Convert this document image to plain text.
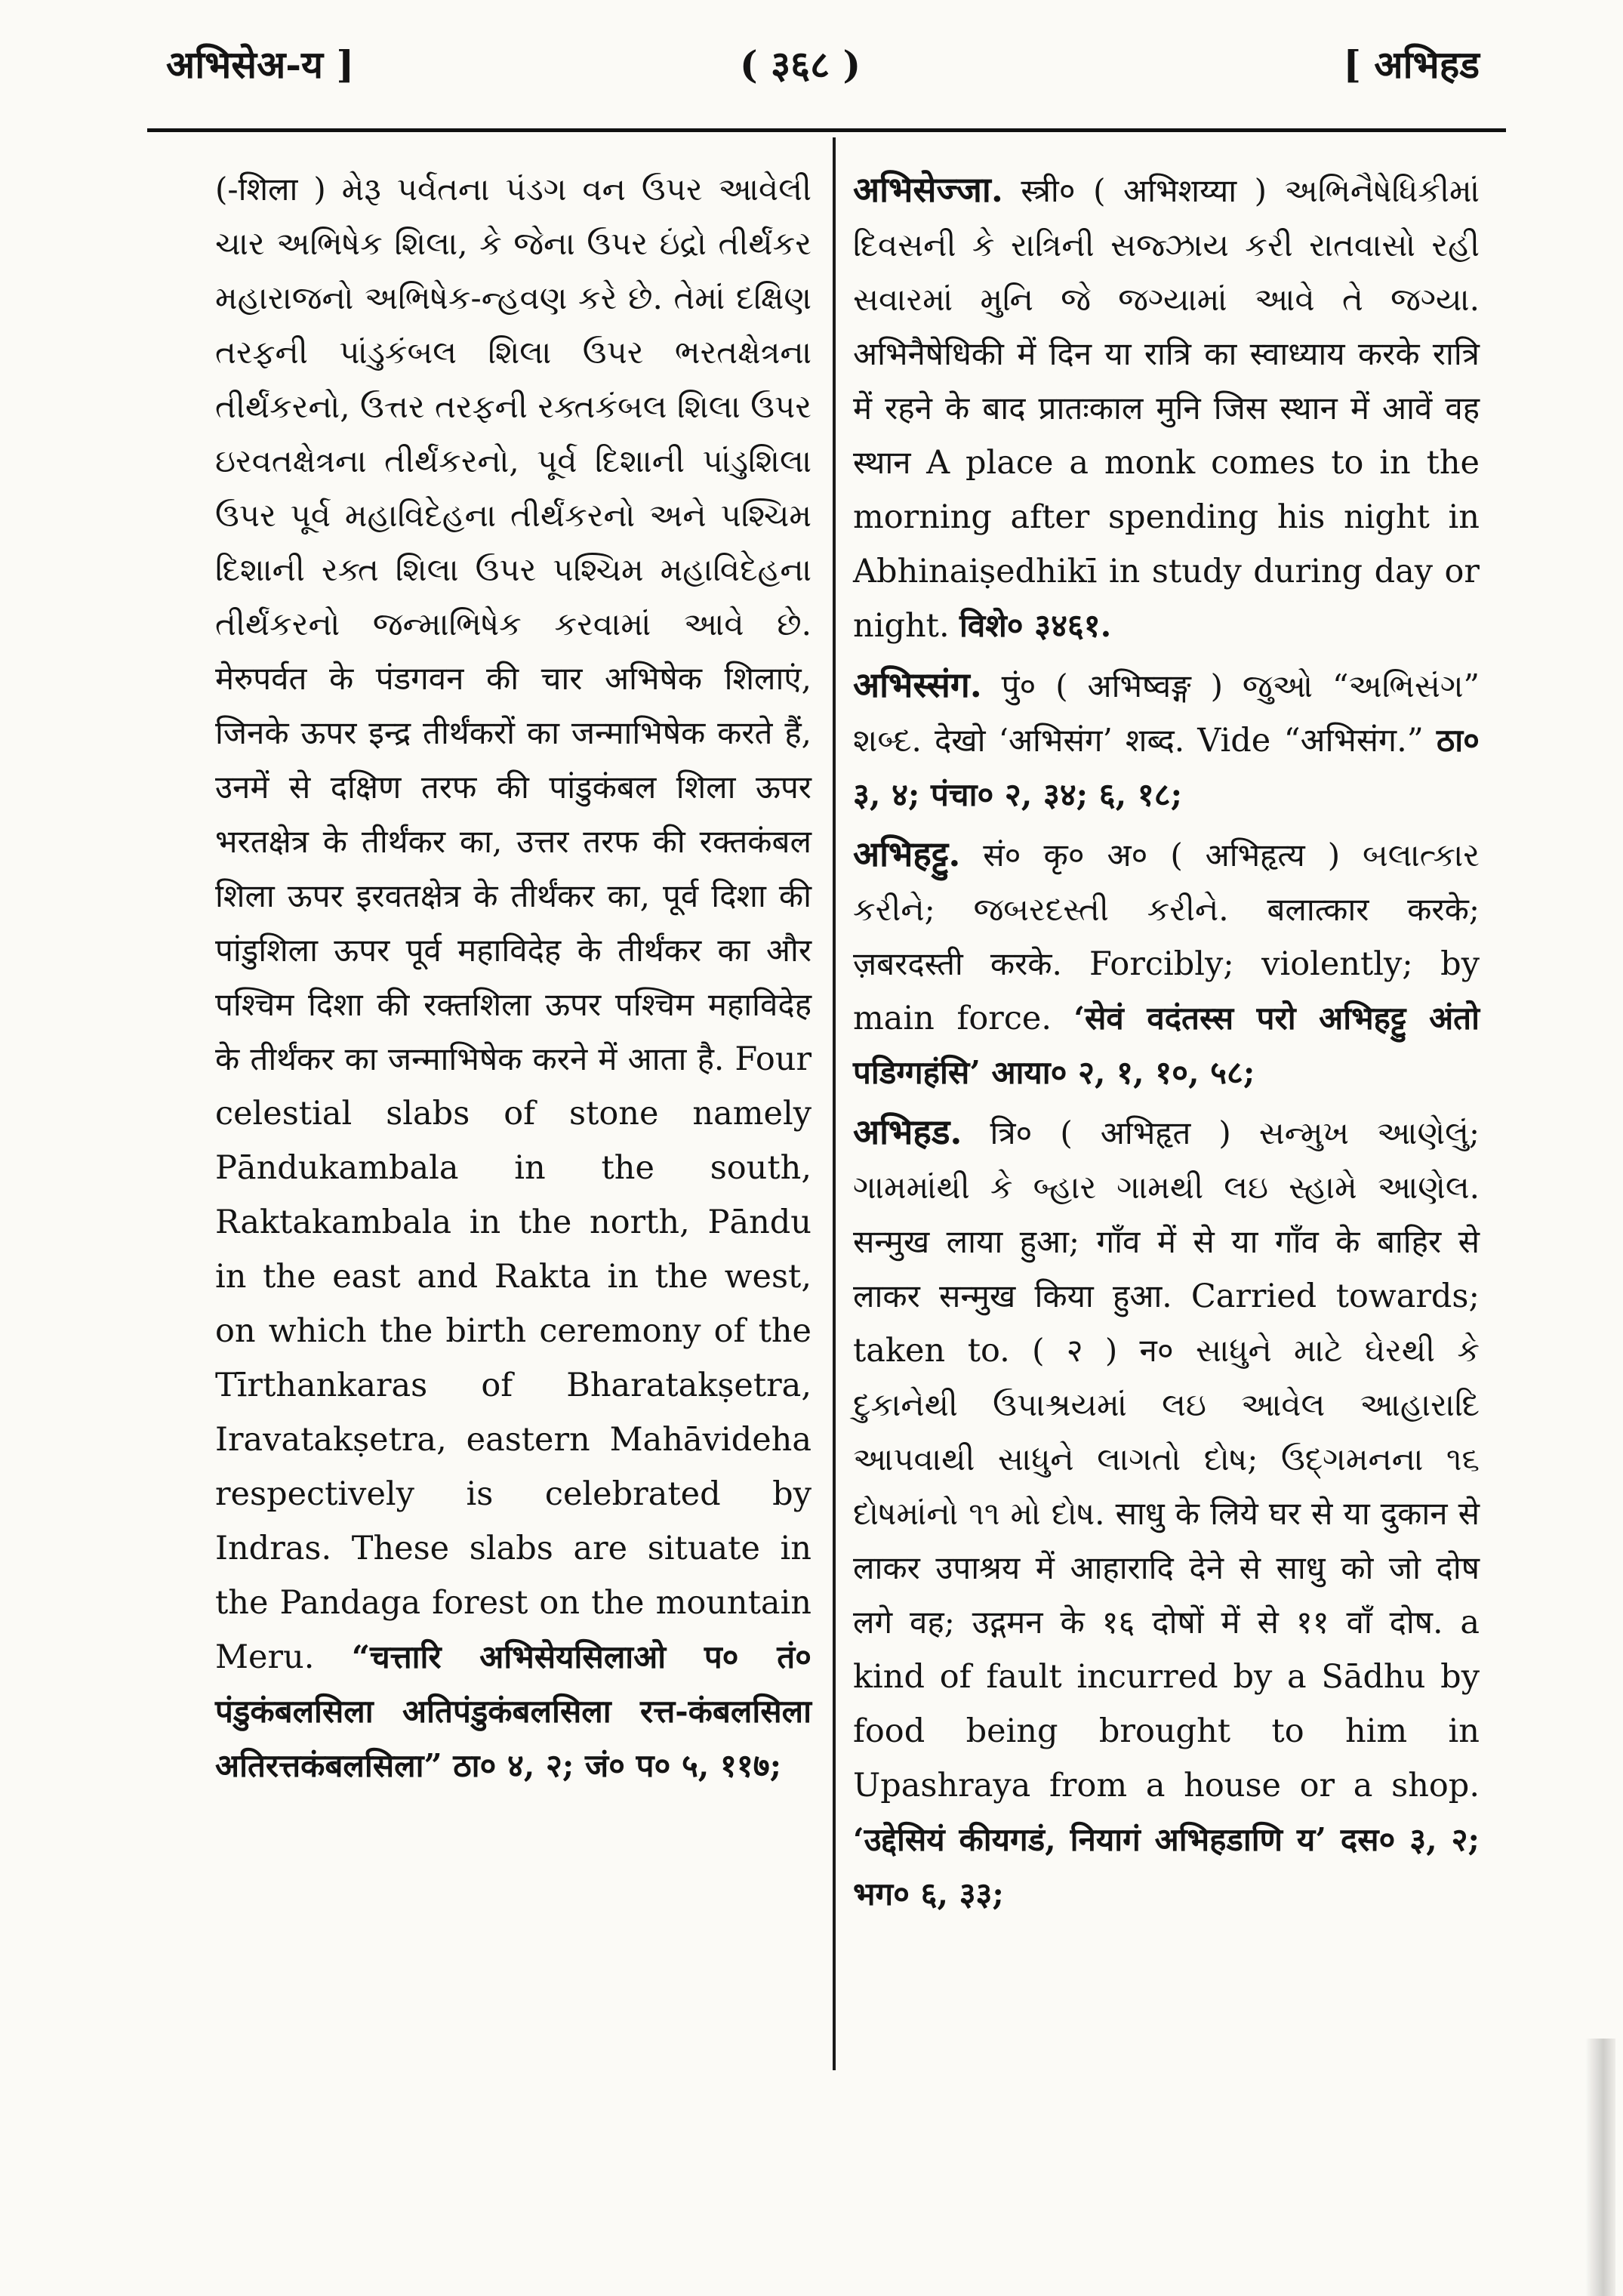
अभिसेअ-य ]	( ३६८ )	[ अभिहड

(-शिला ) મેરૂ પર્વતના પંડગ વન ઉપર આવેલી ચાર અભિષેક શિલા, કે જેના ઉપર ઇંદ્રો તીર્થંકર મહારાજનો અભિષેક-ન્હવણ કરે છે. તેમાં દક્ષિણ તરફની પાંડુકંબલ શિલા ઉપર ભરતક્ષેત્રના તીર્થંકરનો, ઉત્તર તરફની રક્તકંબલ શિલા ઉપર ઇરવતક્ષેત્રના તીર્થંકરનો, પૂર્વ દિશાની પાંડુશિલા ઉપર પૂર્વ મહાવિદેહના તીર્થંકરનો અને પશ્ચિમ દિશાની રક્ત શિલા ઉપર પશ્ચિમ મહાવિદેહના તીર્થંકરનો જન્માભિષેક કરવામાં આવે છે. मेरुपर्वत के पंडगवन की चार अभिषेक शिलाएं, जिनके ऊपर इन्द्र तीर्थंकरों का जन्माभिषेक करते हैं, उनमें से दक्षिण तरफ की पांडुकंबल शिला ऊपर भरतक्षेत्र के तीर्थंकर का, उत्तर तरफ की रक्तकंबल शिला ऊपर इरवतक्षेत्र के तीर्थंकर का, पूर्व दिशा की पांडुशिला ऊपर पूर्व महाविदेह के तीर्थंकर का और पश्चिम दिशा की रक्तशिला ऊपर पश्चिम महाविदेह के तीर्थंकर का जन्माभिषेक करने में आता है. Four celestial slabs of stone namely Pāndukambala in the south, Raktakambala in the north, Pāndu in the east and Rakta in the west, on which the birth ceremony of the Tīrthankaras of Bharatakṣetra, Iravatakṣetra, eastern Mahāvideha respectively is celebrated by Indras. These slabs are situate in the Pandaga forest on the mountain Meru. “चत्तारि अभिसेयसिलाओ प० तं० पंडुकंबलसिला अतिपंडुकंबलसिला रत्त-कंबलसिला अतिरत्तकंबलसिला” ठा० ४, २; जं० प० ५, ११७;

अभिसेज्जा. स्त्री० ( अभिशय्या ) અભિનૈષેધિકીમાં દિવસની કે રાત્રિની સજ્ઝાય કરી રાતવાસો રહી સવારમાં મુનિ જે જગ્યામાં આવે તે જગ્યા. अभिनैषेधिकी में दिन या रात्रि का स्वाध्याय करके रात्रि में रहने के बाद प्रातःकाल मुनि जिस स्थान में आवें वह स्थान A place a monk comes to in the morning after spending his night in Abhinaiṣedhikī in study during day or night. विशे० ३४६१.

अभिस्संग. पुं० ( अभिष्वङ्ग ) જુઓ “અભિસંગ” શબ્દ. देखो ‘अभिसंग’ शब्द. Vide “अभिसंग.” ठा० ३, ४; पंचा० २, ३४; ६, १८;

अभिहट्टु. सं० कृ० अ० ( अभिहृत्य ) બલાત્કાર કરીને; જબરદસ્તી કરીને. बलात्कार करके; ज़बरदस्ती करके. Forcibly; violently; by main force. ‘सेवं वदंतस्स परो अभिहट्टु अंतो पडिग्गहंसि’ आया० २, १, १०, ५८;

अभिहड. त्रि० ( अभिहृत ) સન્મુખ આણેલું; ગામમાંથી કે બ્હાર ગામથી લઇ સ્હામે આણેલ. सन्मुख लाया हुआ; गाँव में से या गाँव के बाहिर से लाकर सन्मुख किया हुआ. Carried towards; taken to. ( २ ) न० સાધુને માટે ઘેરથી કે દુકાનેથી ઉપાશ્રયમાં લઇ આવેલ આહારાદિ આપવાથી સાધુને લાગતો દોષ; ઉદ્ગમનના ૧૬ દોષમાંનો ૧૧ મો દોષ. साधु के लिये घर से या दुकान से लाकर उपाश्रय में आहारादि देने से साधु को जो दोष लगे वह; उद्गमन के १६ दोषों में से ११ वाँ दोष. a kind of fault incurred by a Sādhu by food being brought to him in Upashraya from a house or a shop. ‘उद्देसियं कीयगडं, नियागं अभिहडाणि य’ दस० ३, २; भग० ६, ३३;
